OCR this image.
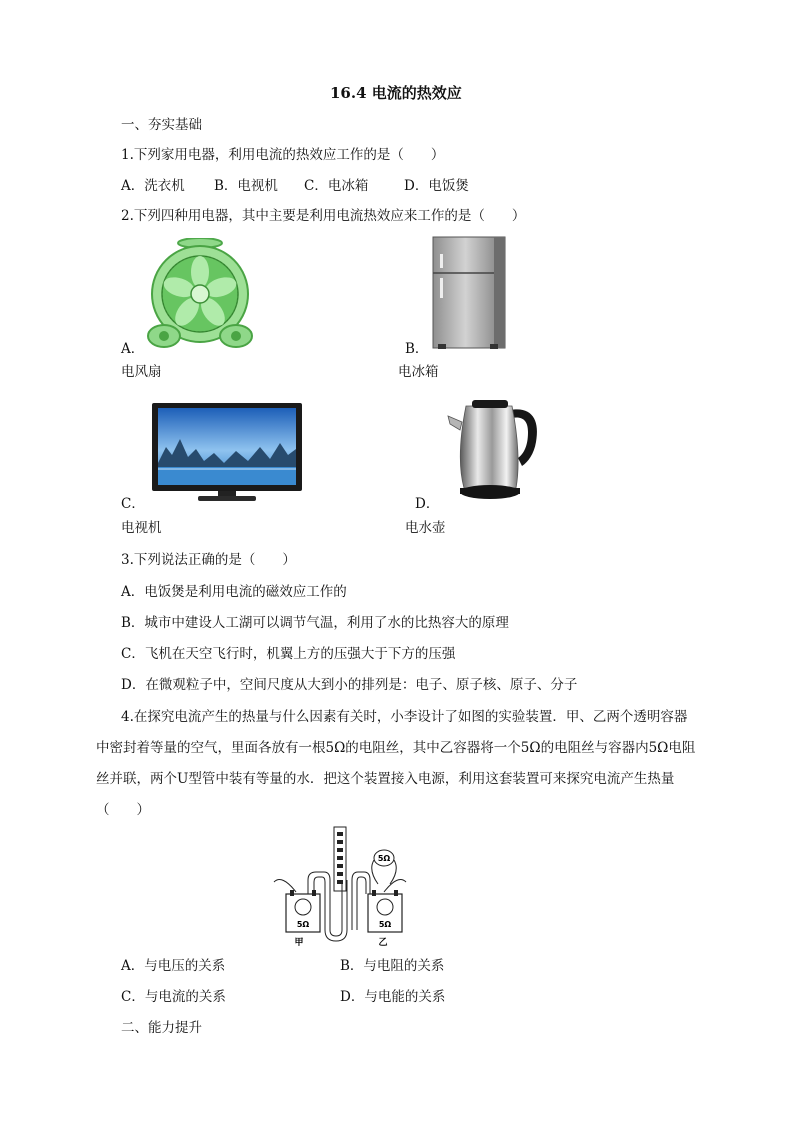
16.4 电流的热效应
一、夯实基础
1.下列家用电器，利用电流的热效应工作的是（　　）
A．洗衣机 B．电视机 C．电冰箱	D．电饭煲
2.下列四种用电器，其中主要是利用电流热效应来工作的是（　　）
A．	B．
电风扇	电冰箱
C．	D．
电视机	电水壶
3.下列说法正确的是（　　）
A．电饭煲是利用电流的磁效应工作的
B．城市中建设人工湖可以调节气温，利用了水的比热容大的原理
C．飞机在天空飞行时，机翼上方的压强大于下方的压强
D．在微观粒子中，空间尺度从大到小的排列是：电子、原子核、原子、分子
4.在探究电流产生的热量与什么因素有关时，小李设计了如图的实验装置．甲、乙两个透明容器中密封着等量的空气，里面各放有一根5Ω的电阻丝，其中乙容器将一个5Ω的电阻丝与容器内5Ω电阻丝并联，两个U型管中装有等量的水．把这个装置接入电源，利用这套装置可来探究电流产生热量（　　）
5Ω
5Ω	5Ω
甲	乙
A．与电压的关系	B．与电阻的关系
C．与电流的关系	D．与电能的关系
二、能力提升
